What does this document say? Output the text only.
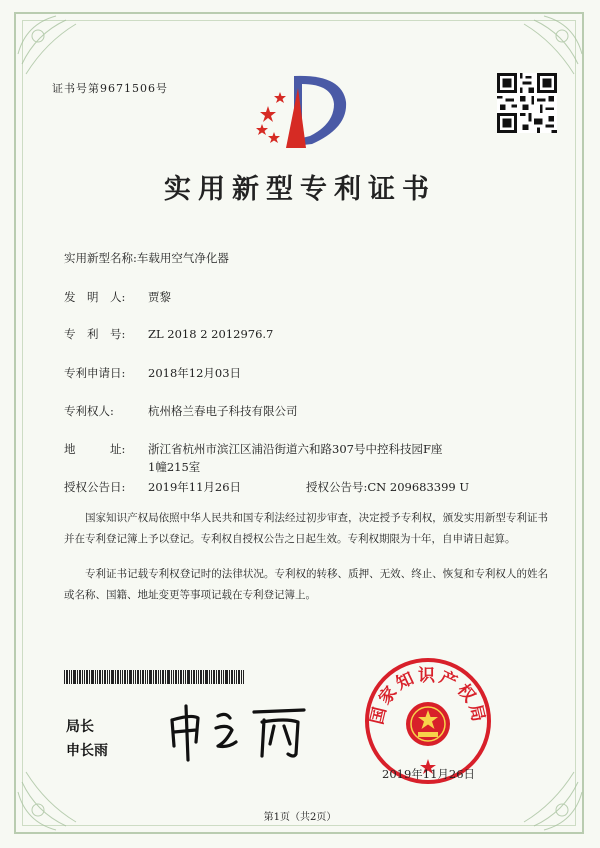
证书号第9671506号
实用新型专利证书
实用新型名称:车载用空气净化器
发　明　人: 贾黎
专　利　号: ZL 2018 2 2012976.7
专利申请日: 2018年12月03日
专利权人:	杭州格兰春电子科技有限公司
地　　　址: 浙江省杭州市滨江区浦沿街道六和路307号中控科技园F座
1幢215室
授权公告日: 2019年11月26日	授权公告号:CN 209683399 U
国家知识产权局依照中华人民共和国专利法经过初步审查，决定授予专利权，颁发实用新型专利证书并在专利登记簿上予以登记。专利权自授权公告之日起生效。专利权期限为十年，自申请日起算。
专利证书记载专利权登记时的法律状况。专利权的转移、质押、无效、终止、恢复和专利权人的姓名或名称、国籍、地址变更等事项记载在专利登记簿上。
局长
申长雨
国家知识产权局
2019年11月26日
第1页（共2页）
